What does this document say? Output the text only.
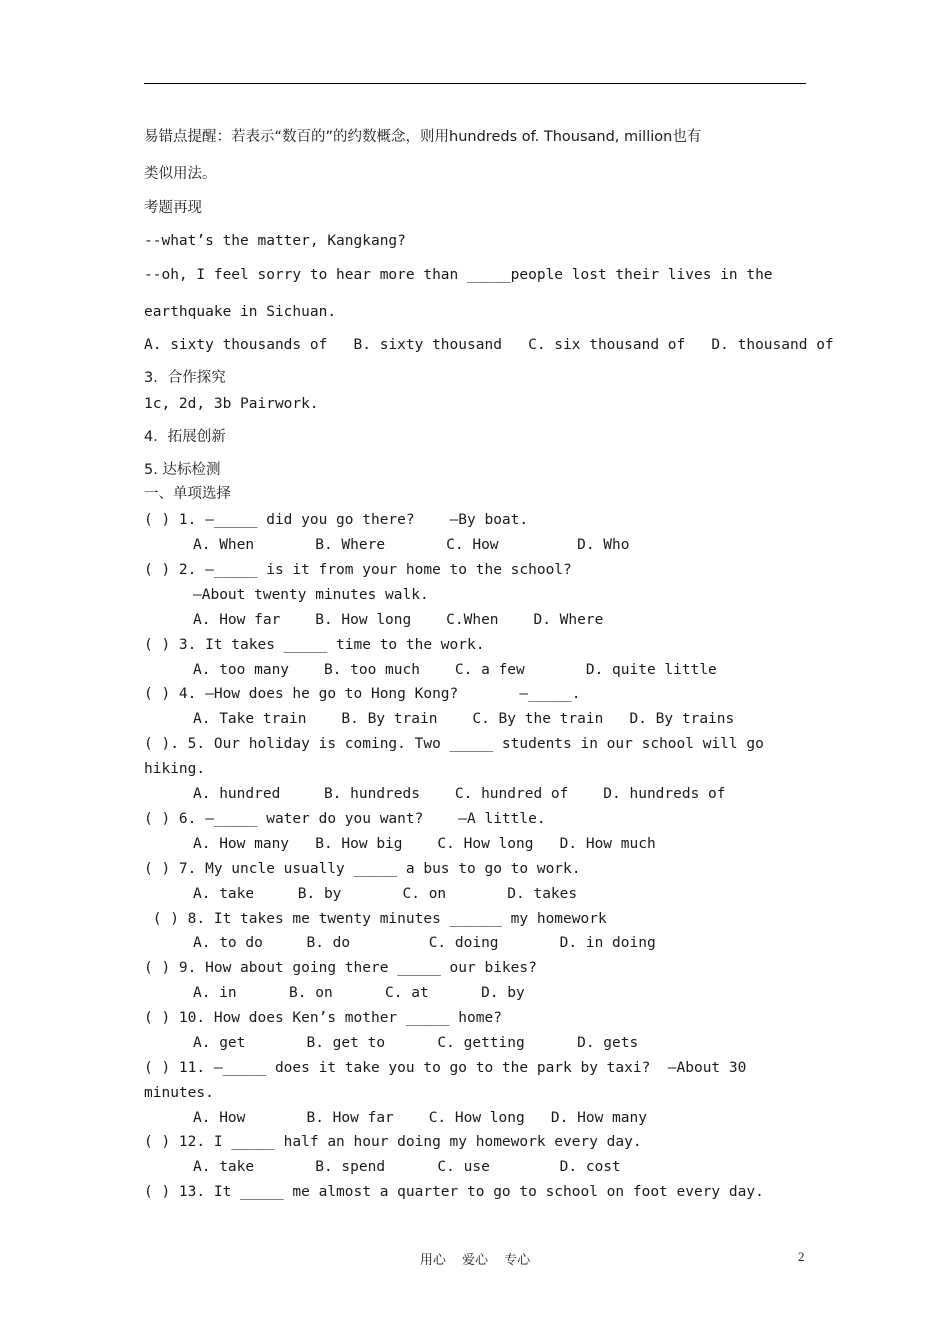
易错点提醒：若表示“数百的”的约数概念，则用hundreds of. Thousand, million也有
类似用法。
考题再现
--what’s the matter, Kangkang?
--oh, I feel sorry to hear more than _____people lost their lives in the
earthquake in Sichuan.
A. sixty thousands of   B. sixty thousand   C. six thousand of   D. thousand of
3．合作探究
1c, 2d, 3b Pairwork.
4．拓展创新
5. 达标检测
一、单项选择
( ) 1. —_____ did you go there?    —By boat.
A. When       B. Where       C. How         D. Who
( ) 2. —_____ is it from your home to the school?
—About twenty minutes walk.
A. How far    B. How long    C.When    D. Where
( ) 3. It takes _____ time to the work.
A. too many    B. too much    C. a few       D. quite little
( ) 4. —How does he go to Hong Kong?       —_____.
A. Take train    B. By train    C. By the train   D. By trains
( ). 5. Our holiday is coming. Two _____ students in our school will go
hiking.
A. hundred     B. hundreds    C. hundred of    D. hundreds of
( ) 6. —_____ water do you want?    —A little.
A. How many   B. How big    C. How long   D. How much
( ) 7. My uncle usually _____ a bus to go to work.
A. take     B. by       C. on       D. takes
( ) 8. It takes me twenty minutes ______ my homework
A. to do     B. do         C. doing       D. in doing
( ) 9. How about going there _____ our bikes?
A. in      B. on      C. at      D. by
( ) 10. How does Ken’s mother _____ home?
A. get       B. get to      C. getting      D. gets
( ) 11. —_____ does it take you to go to the park by taxi?  —About 30
minutes.
A. How       B. How far    C. How long   D. How many
( ) 12. I _____ half an hour doing my homework every day.
A. take       B. spend      C. use        D. cost
( ) 13. It _____ me almost a quarter to go to school on foot every day.
用心 爱心 专心	2
